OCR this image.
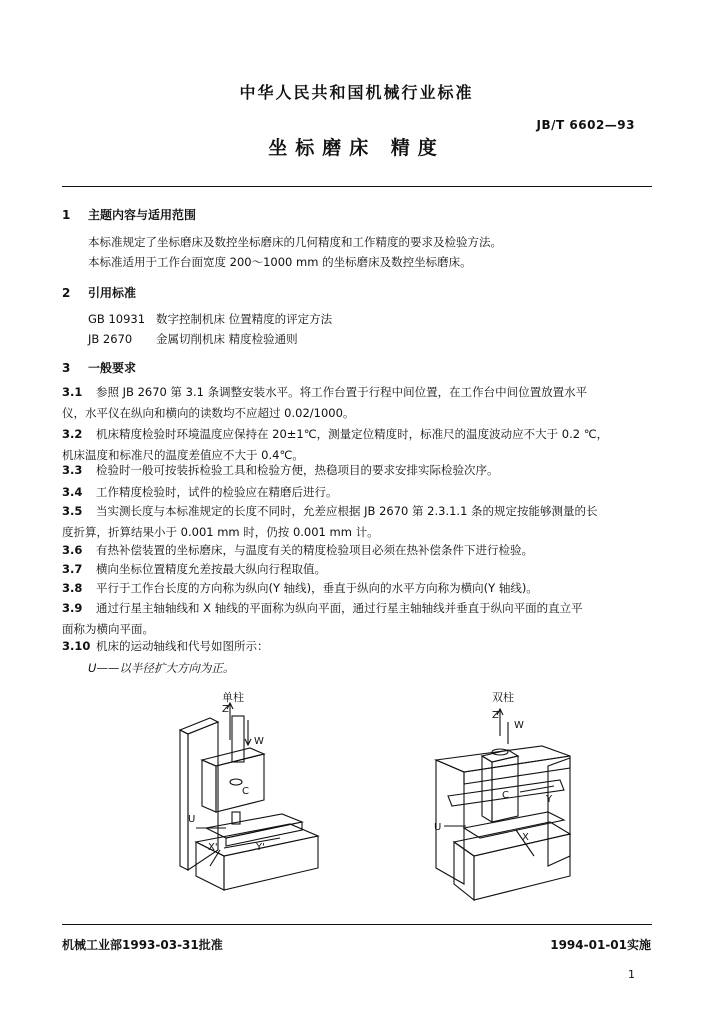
中华人民共和国机械行业标准
JB/T 6602—93
坐标磨床 精度
1 主题内容与适用范围
本标准规定了坐标磨床及数控坐标磨床的几何精度和工作精度的要求及检验方法。
本标准适用于工作台面宽度 200～1000 mm 的坐标磨床及数控坐标磨床。
2 引用标准
GB 10931 数字控制机床 位置精度的评定方法
JB 2670 金属切削机床 精度检验通则
3 一般要求
3.1 参照 JB 2670 第 3.1 条调整安装水平。将工作台置于行程中间位置，在工作台中间位置放置水平
仪，水平仪在纵向和横向的读数均不应超过 0.02/1000。
3.2 机床精度检验时环境温度应保持在 20±1℃，测量定位精度时，标准尺的温度波动应不大于 0.2 ℃，
机床温度和标准尺的温度差值应不大于 0.4℃。
3.3 检验时一般可按装拆检验工具和检验方便，热稳项目的要求安排实际检验次序。
3.4 工作精度检验时，试件的检验应在精磨后进行。
3.5 当实测长度与本标准规定的长度不同时，允差应根据 JB 2670 第 2.3.1.1 条的规定按能够测量的长
度折算，折算结果小于 0.001 mm 时，仍按 0.001 mm 计。
3.6 有热补偿装置的坐标磨床，与温度有关的精度检验项目必须在热补偿条件下进行检验。
3.7 横向坐标位置精度允差按最大纵向行程取值。
3.8 平行于工作台长度的方向称为纵向(Y 轴线)，垂直于纵向的水平方向称为横向(Y 轴线)。
3.9 通过行星主轴轴线和 X 轴线的平面称为纵向平面，通过行星主轴轴线并垂直于纵向平面的直立平
面称为横向平面。
3.10 机床的运动轴线和代号如图所示：
U——以半径扩大方向为正。
单柱	双柱
Z
W
C
U
X'	Y'
Z
W
C	Y
U
X
机械工业部1993-03-31批准	1994-01-01实施
1
